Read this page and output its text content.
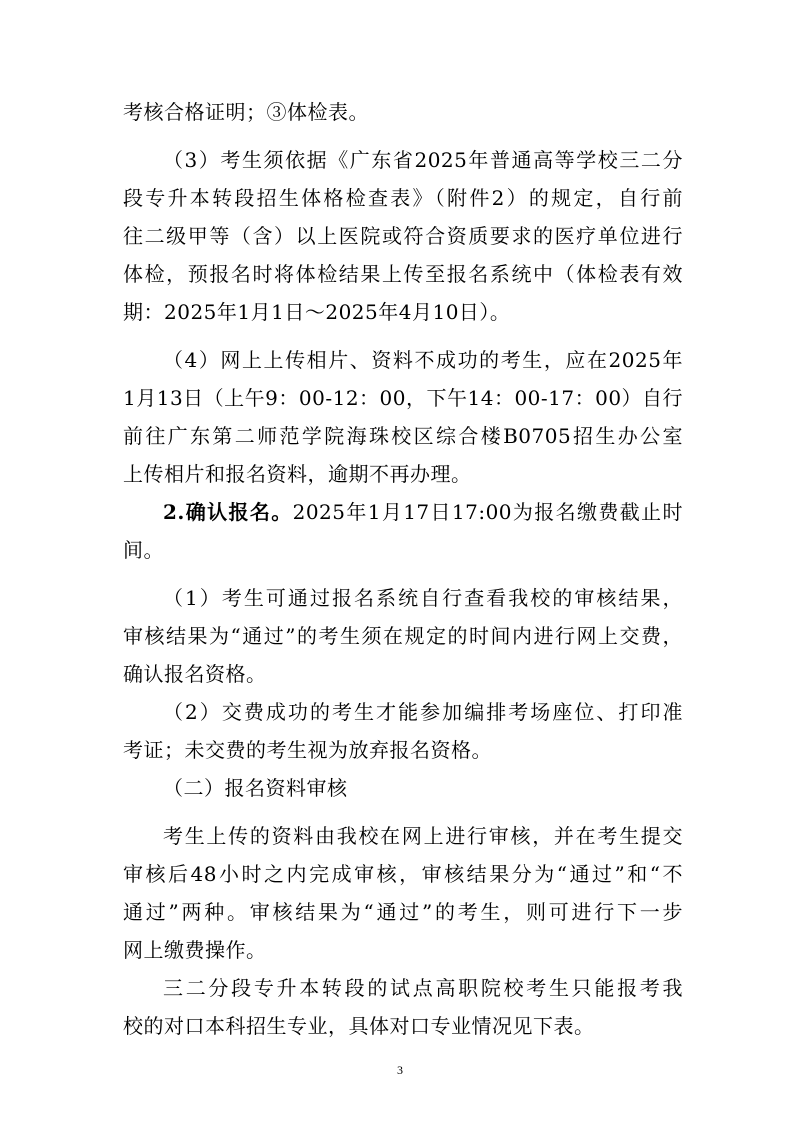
考核合格证明；③体检表。
（3）考生须依据《广东省2025年普通高等学校三二分
段专升本转段招生体格检查表》（附件2）的规定，自行前
往二级甲等（含）以上医院或符合资质要求的医疗单位进行
体检，预报名时将体检结果上传至报名系统中（体检表有效
期：2025年1月1日～2025年4月10日）。
（4）网上上传相片、资料不成功的考生，应在2025年
1月13日（上午9：00-12：00，下午14：00-17：00）自行
前往广东第二师范学院海珠校区综合楼B0705招生办公室
上传相片和报名资料，逾期不再办理。
2.确认报名。2025年1月17日17:00为报名缴费截止时
间。
（1）考生可通过报名系统自行查看我校的审核结果，
审核结果为“通过”的考生须在规定的时间内进行网上交费，
确认报名资格。
（2）交费成功的考生才能参加编排考场座位、打印准
考证；未交费的考生视为放弃报名资格。
（二）报名资料审核
考生上传的资料由我校在网上进行审核，并在考生提交
审核后48小时之内完成审核，审核结果分为“通过”和“不
通过”两种。审核结果为“通过”的考生，则可进行下一步
网上缴费操作。
三二分段专升本转段的试点高职院校考生只能报考我
校的对口本科招生专业，具体对口专业情况见下表。
3
